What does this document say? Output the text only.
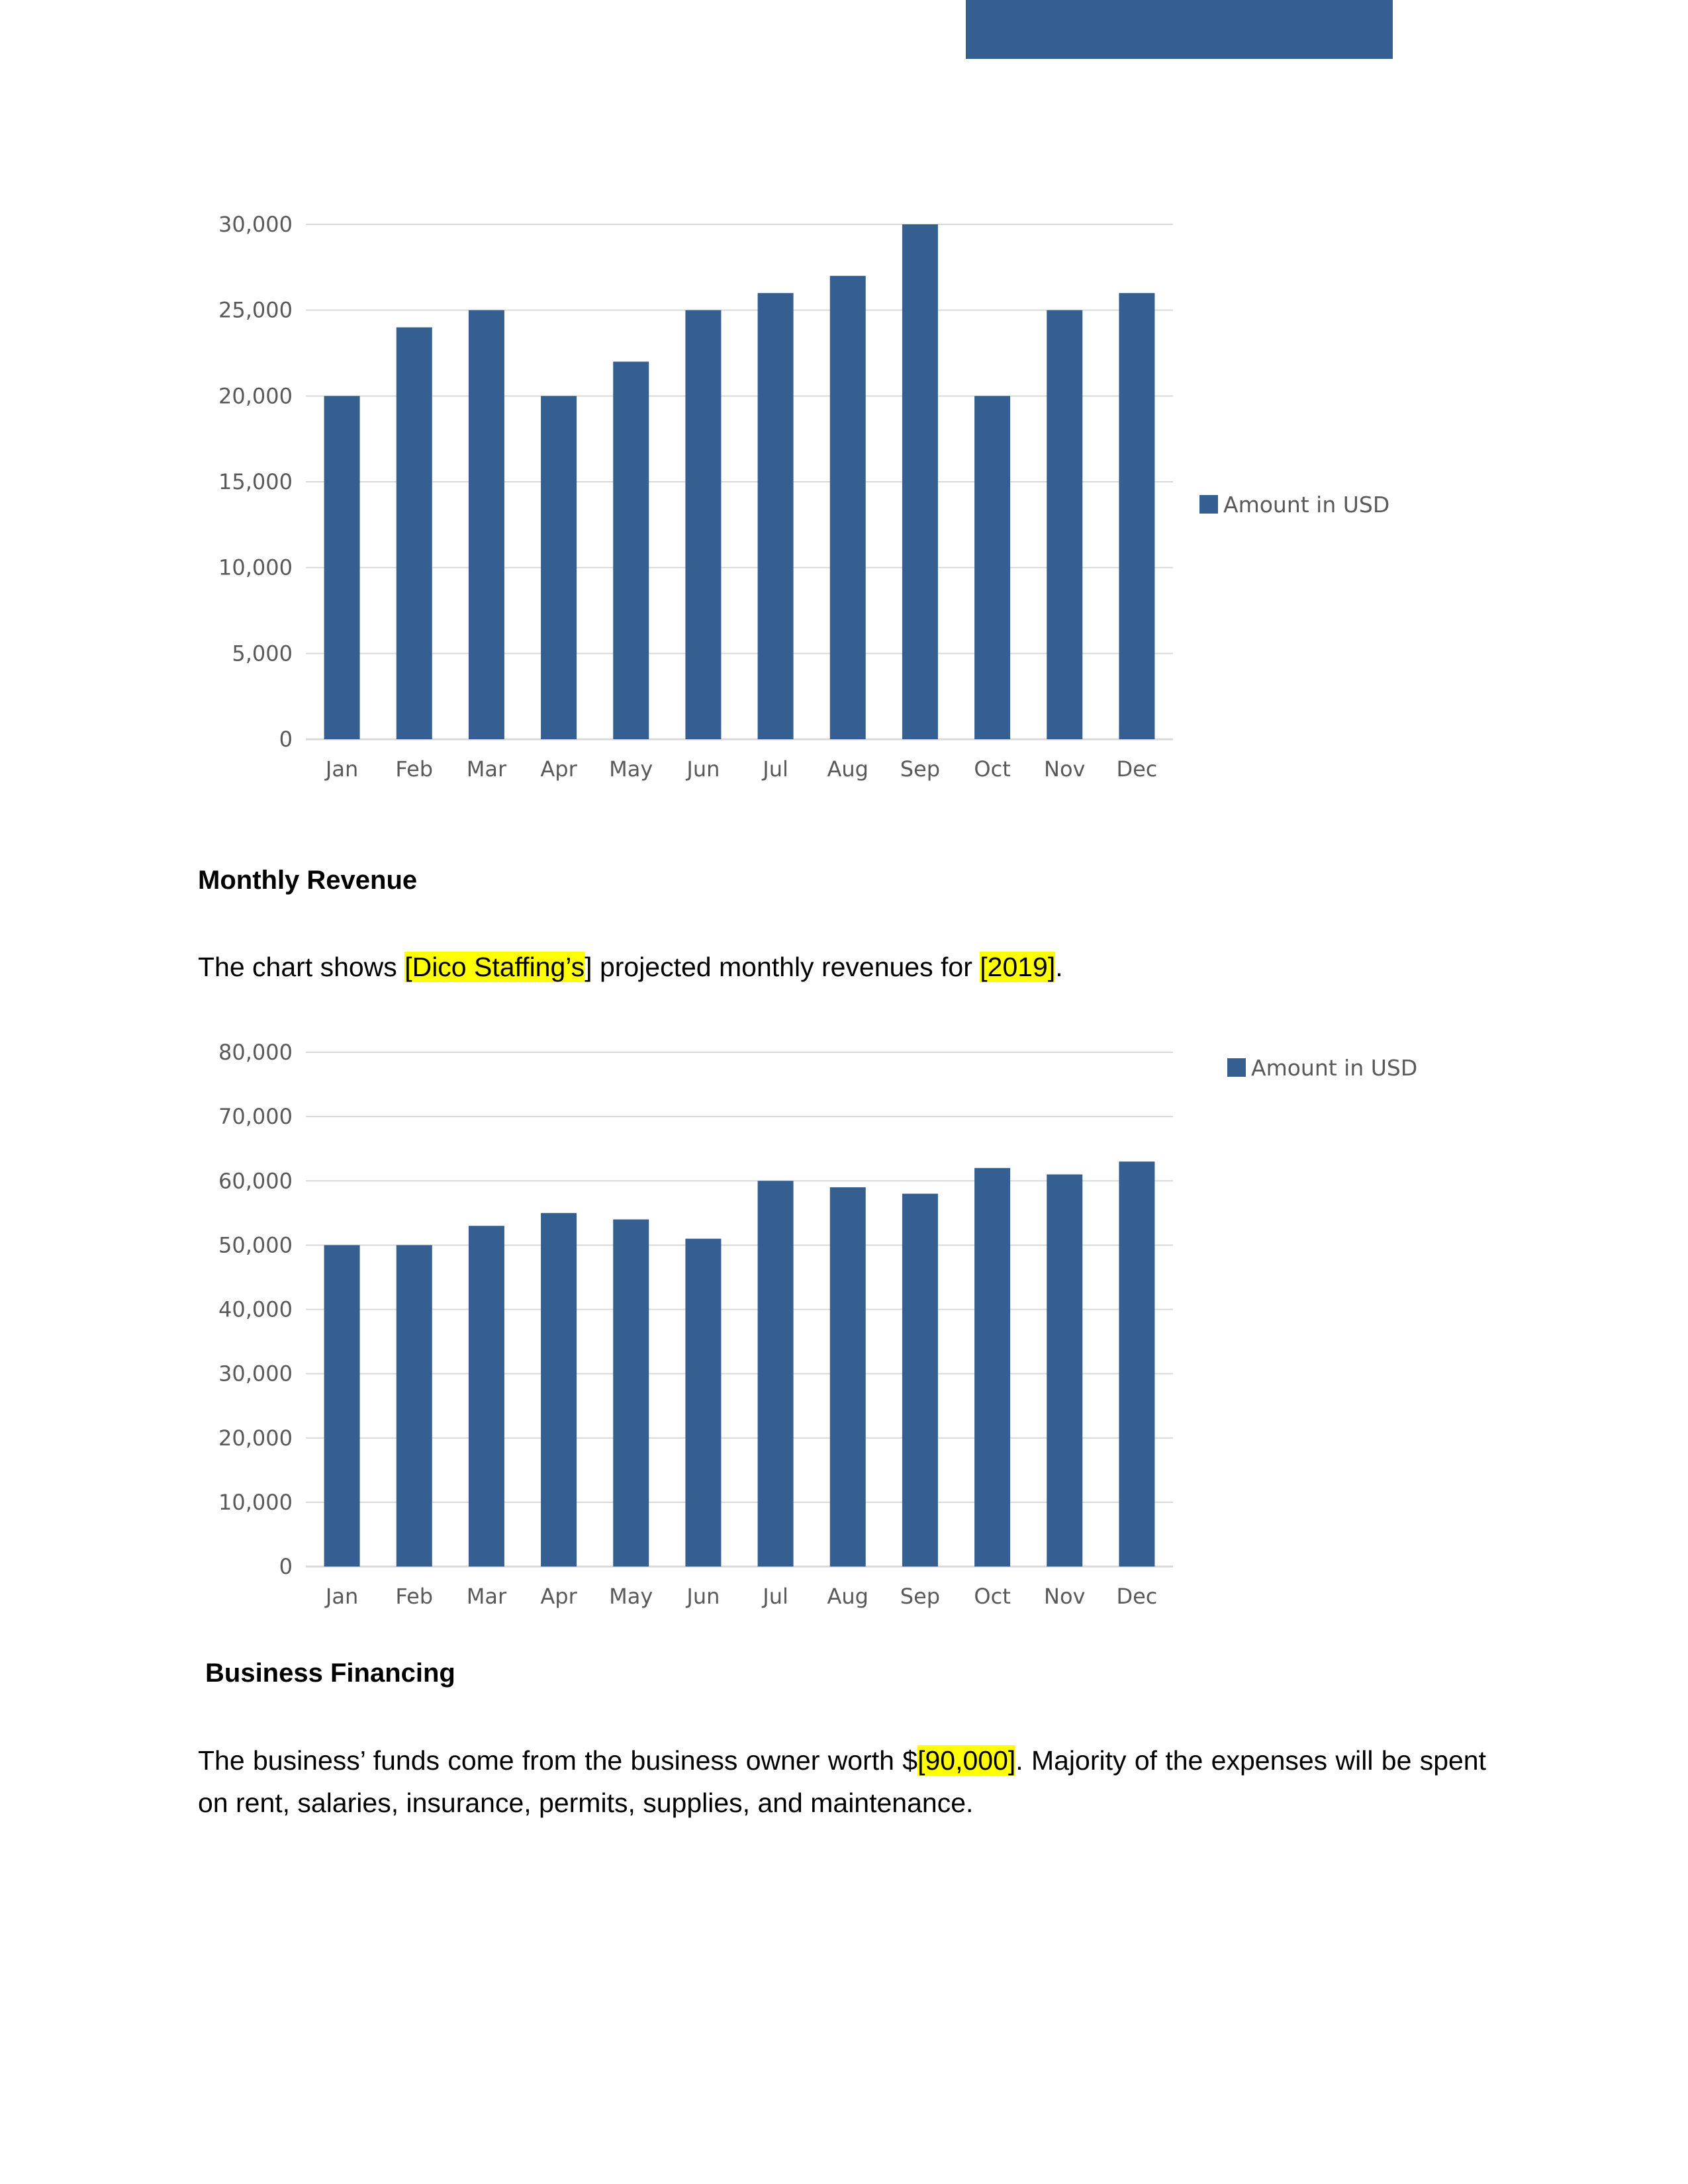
0
5,000
10,000
15,000
20,000
25,000
30,000
Jan Feb Mar Apr May Jun Jul Aug Sep Oct Nov Dec
Amount in USD
Monthly Revenue
The chart shows [Dico Staffing’s] projected monthly revenues for [2019].
0
10,000
20,000
30,000
40,000
50,000
60,000
70,000
80,000
Jan Feb Mar Apr May Jun Jul Aug Sep Oct Nov Dec
Amount in USD
Business Financing
The business’ funds come from the business owner worth $[90,000]. Majority of the expenses will be spent on rent, salaries, insurance, permits, supplies, and maintenance.
